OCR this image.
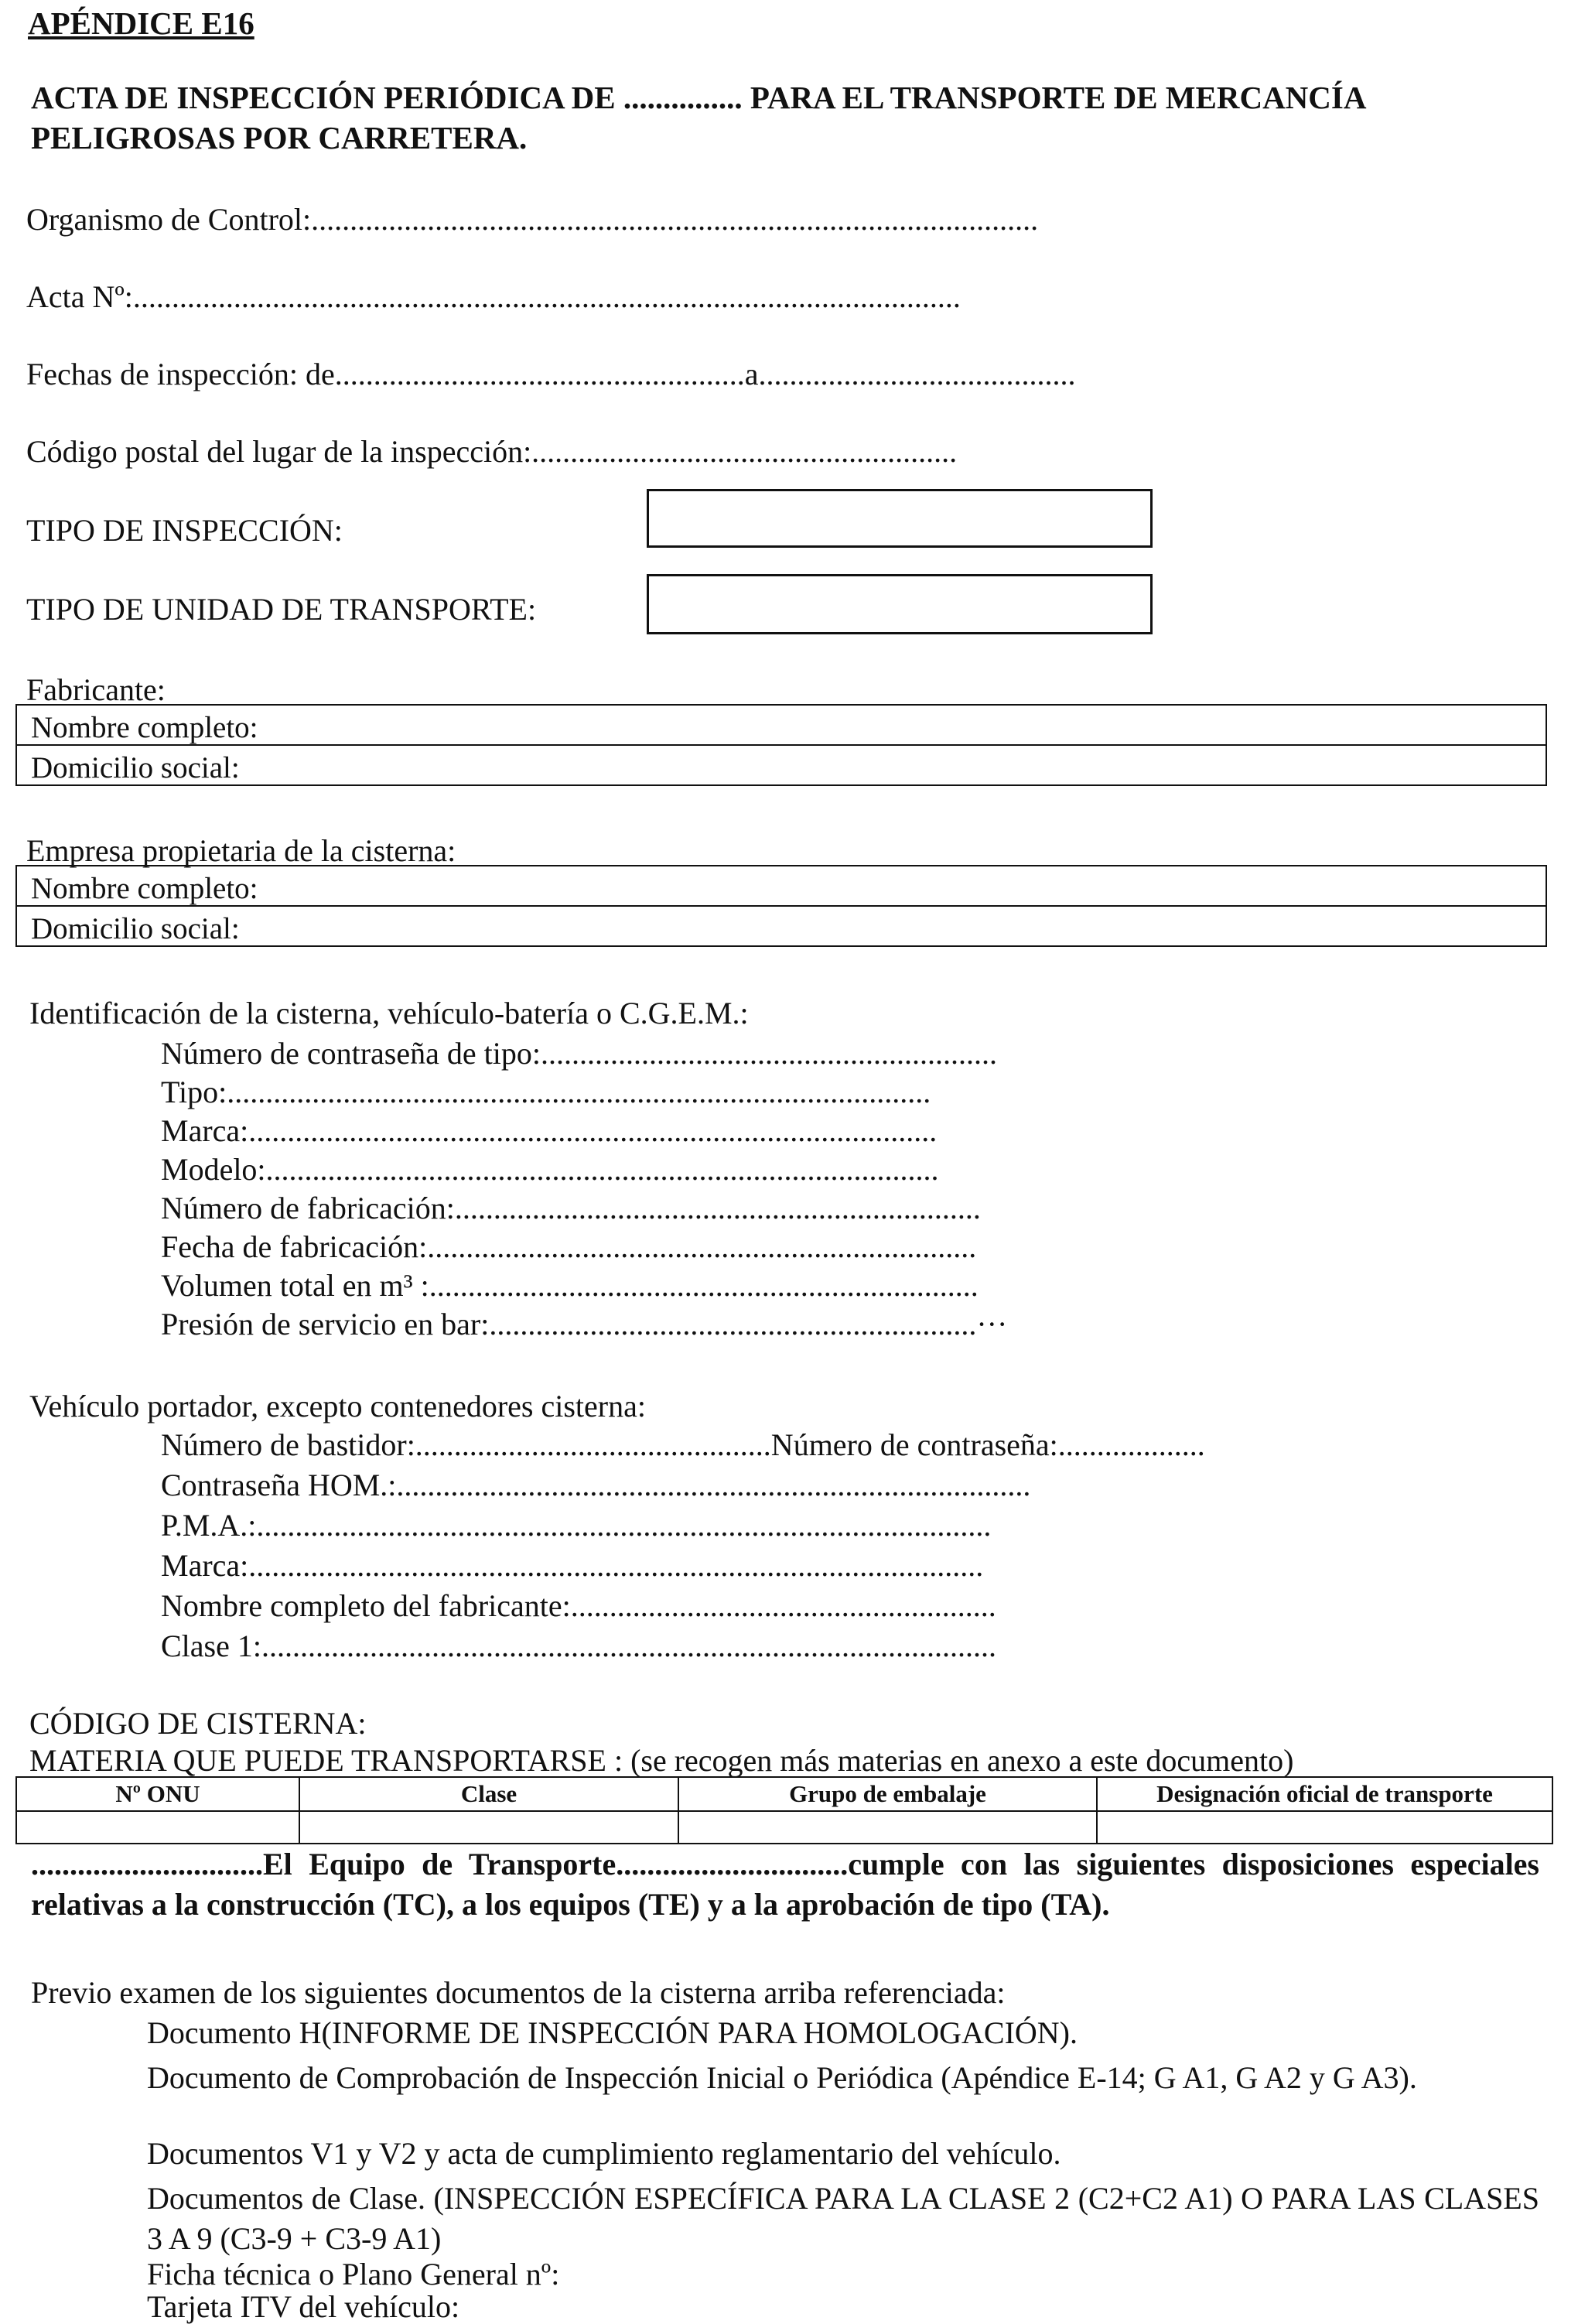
APÉNDICE E16
ACTA DE INSPECCIÓN PERIÓDICA DE ............... PARA EL TRANSPORTE DE MERCANCÍA
PELIGROSAS POR CARRETERA.
Organismo de Control:..............................................................................................
Acta Nº:...........................................................................................................
Fechas de inspección: de.....................................................a.........................................
Código postal del lugar de la inspección:.......................................................
TIPO DE INSPECCIÓN:
TIPO DE UNIDAD DE TRANSPORTE:
Fabricante:
Nombre completo:
Domicilio social:
Empresa propietaria de la cisterna:
Nombre completo:
Domicilio social:
Identificación de la cisterna, vehículo-batería o C.G.E.M.:
Número de contraseña de tipo:...........................................................
Tipo:...........................................................................................
Marca:.........................................................................................
Modelo:.......................................................................................
Número de fabricación:....................................................................
Fecha de fabricación:.......................................................................
Volumen total en m³ :.......................................................................
Presión de servicio en bar:...............................................................···
Vehículo portador, excepto contenedores cisterna:
Número de bastidor:..............................................Número de contraseña:...................
Contraseña HOM.:..................................................................................
P.M.A.:...............................................................................................
Marca:...............................................................................................
Nombre completo del fabricante:.......................................................
Clase 1:...............................................................................................
CÓDIGO DE CISTERNA:
MATERIA QUE PUEDE TRANSPORTARSE : (se recogen más materias en anexo a este documento)
Nº ONU	Clase	Grupo de embalaje	Designación oficial de transporte

..............................El Equipo de Transporte..............................cumple con las siguientes disposiciones especiales relativas a la construcción (TC), a los equipos (TE) y a la aprobación de tipo (TA).
Previo examen de los siguientes documentos de la cisterna arriba referenciada:
Documento H(INFORME DE INSPECCIÓN PARA HOMOLOGACIÓN).
Documento de Comprobación de Inspección Inicial o Periódica (Apéndice E-14; G A1, G A2 y G A3).
Documentos V1 y V2 y acta de cumplimiento reglamentario del vehículo.
Documentos de Clase. (INSPECCIÓN ESPECÍFICA PARA LA CLASE 2 (C2+C2 A1) O PARA LAS CLASES 3 A 9 (C3-9 + C3-9 A1)
Ficha técnica o Plano General nº:
Tarjeta ITV del vehículo:
